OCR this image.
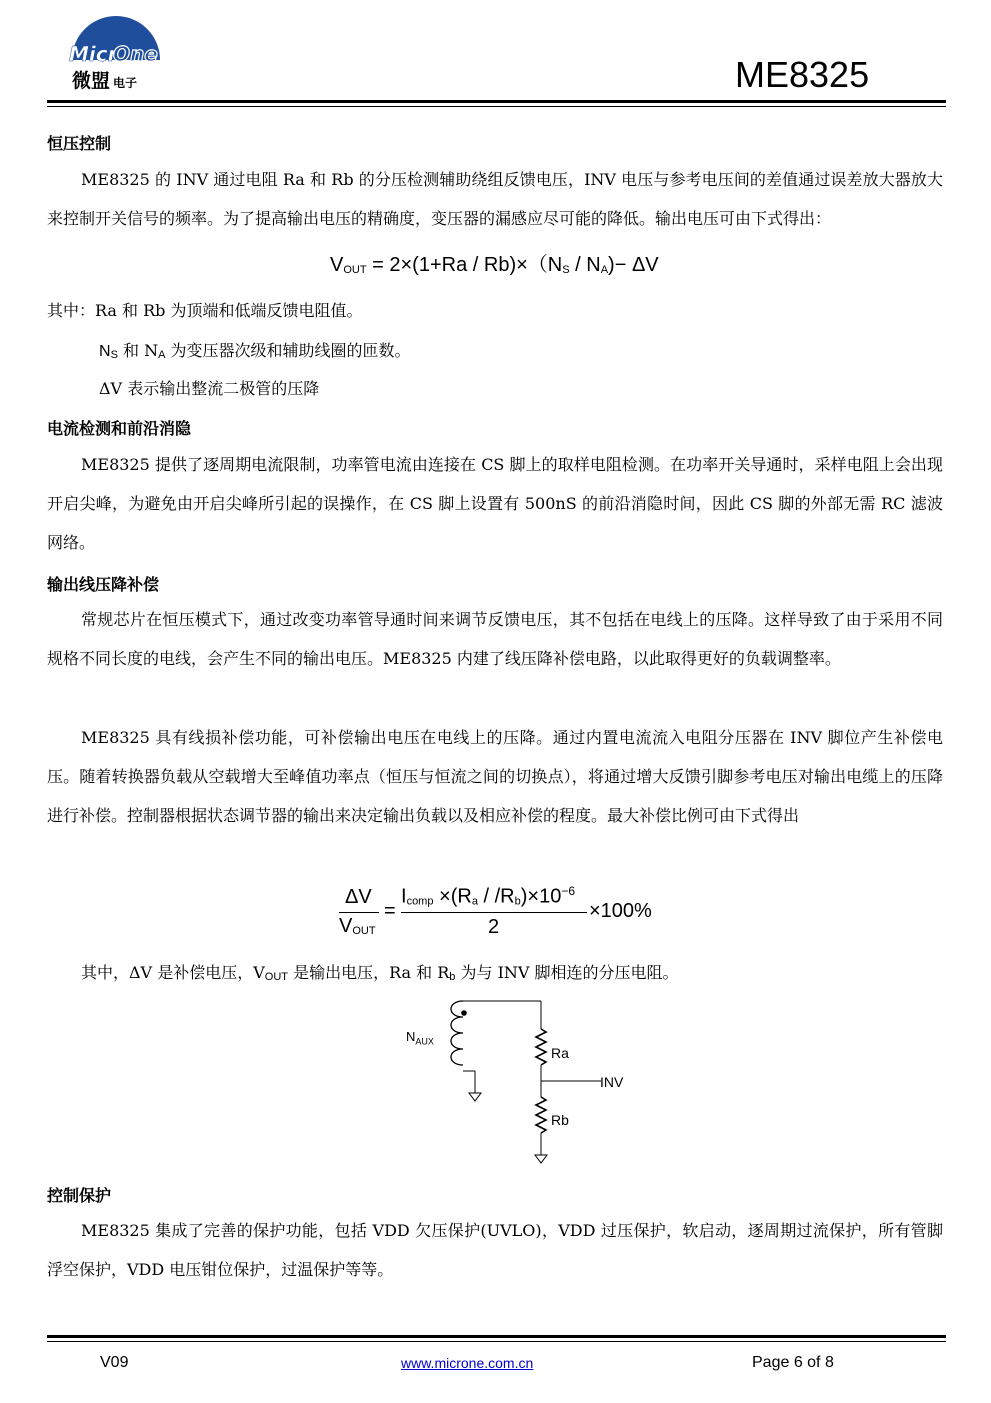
Micr
One
微盟 电子	ME8325
恒压控制
ME8325 的 INV 通过电阻 Ra 和 Rb 的分压检测辅助绕组反馈电压，INV 电压与参考电压间的差值通过误差放大器放大来控制开关信号的频率。为了提高输出电压的精确度，变压器的漏感应尽可能的降低。输出电压可由下式得出：
$V_{OUT} = 2\times(1+Ra / Rb)\times(N_S / N_A)- \Delta V$
其中：Ra 和 Rb 为顶端和低端反馈电阻值。
$N_S$ 和 $N_A$ 为变压器次级和辅助线圈的匝数。
ΔV 表示输出整流二极管的压降
电流检测和前沿消隐
ME8325 提供了逐周期电流限制，功率管电流由连接在 CS 脚上的取样电阻检测。在功率开关导通时，采样电阻上会出现开启尖峰，为避免由开启尖峰所引起的误操作，在 CS 脚上设置有 500nS 的前沿消隐时间，因此 CS 脚的外部无需 RC 滤波网络。
输出线压降补偿
常规芯片在恒压模式下，通过改变功率管导通时间来调节反馈电压，其不包括在电线上的压降。这样导致了由于采用不同规格不同长度的电线，会产生不同的输出电压。ME8325 内建了线压降补偿电路，以此取得更好的负载调整率。
ME8325 具有线损补偿功能，可补偿输出电压在电线上的压降。通过内置电流流入电阻分压器在 INV 脚位产生补偿电压。随着转换器负载从空载增大至峰值功率点（恒压与恒流之间的切换点），将通过增大反馈引脚参考电压对输出电缆上的压降进行补偿。控制器根据状态调节器的输出来决定输出负载以及相应补偿的程度。最大补偿比例可由下式得出
ΔV
$V_{OUT}$
=
$I_{comp} \times(R_a / /R_b)\times 10^{-6}$
2
×100%
其中，ΔV 是补偿电压，$V_{OUT}$ 是输出电压，Ra 和 $R_b$ 为与 INV 脚相连的分压电阻。
$N_{AUX}$
Ra
INV
Rb
控制保护
ME8325 集成了完善的保护功能，包括 VDD 欠压保护(UVLO)，VDD 过压保护，软启动，逐周期过流保护，所有管脚浮空保护，VDD 电压钳位保护，过温保护等等。
V09	www.microne.com.cn	Page 6 of 8
